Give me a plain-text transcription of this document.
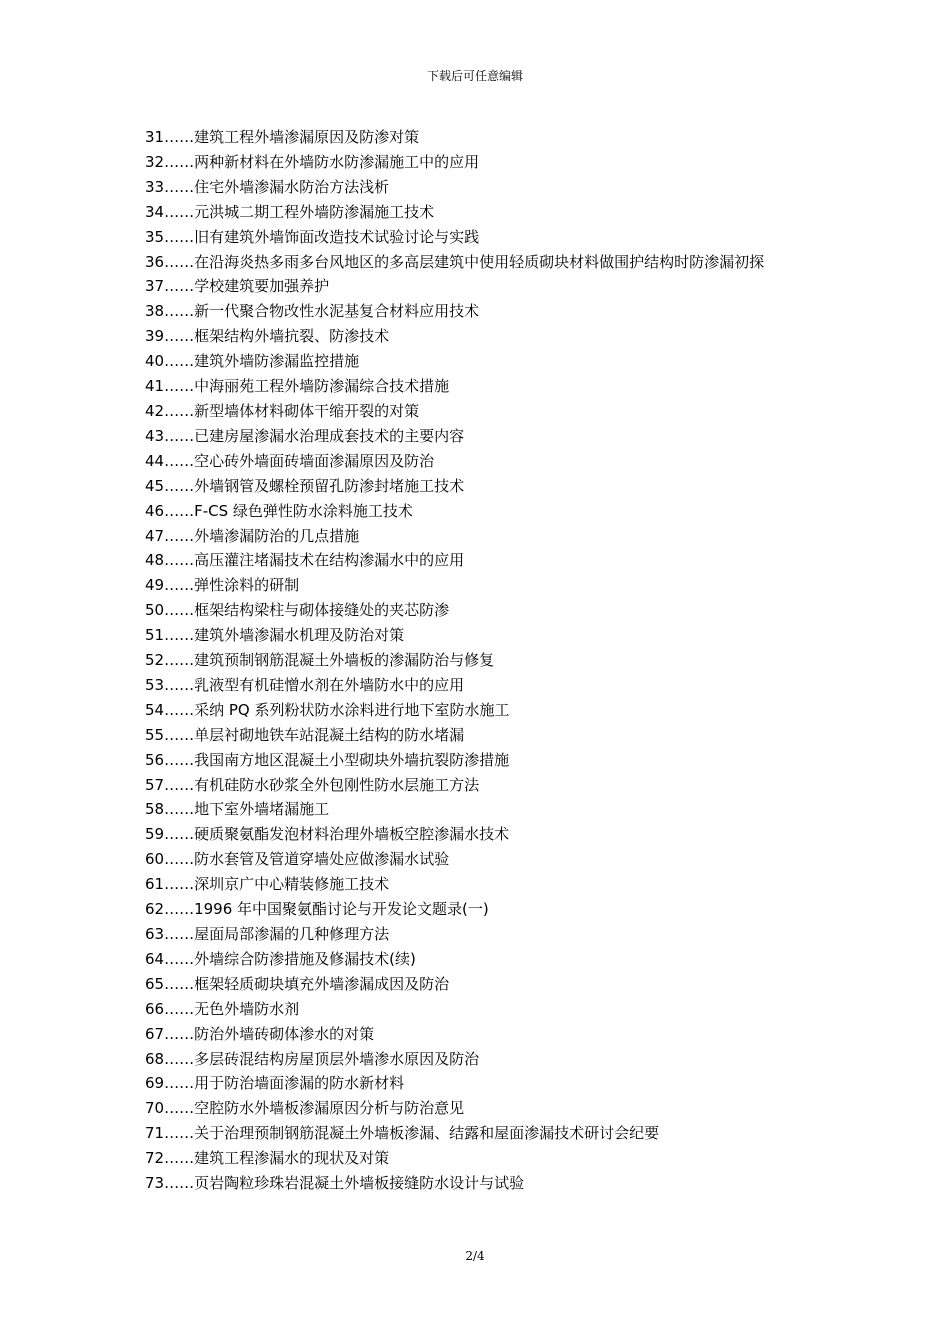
下载后可任意编辑
31……建筑工程外墙渗漏原因及防渗对策
32……两种新材料在外墙防水防渗漏施工中的应用
33……住宅外墙渗漏水防治方法浅析
34……元洪城二期工程外墙防渗漏施工技术
35……旧有建筑外墙饰面改造技术试验讨论与实践
36……在沿海炎热多雨多台风地区的多高层建筑中使用轻质砌块材料做围护结构时防渗漏初探
37……学校建筑要加强养护
38……新一代聚合物改性水泥基复合材料应用技术
39……框架结构外墙抗裂、防渗技术
40……建筑外墙防渗漏监控措施
41……中海丽苑工程外墙防渗漏综合技术措施
42……新型墙体材料砌体干缩开裂的对策
43……已建房屋渗漏水治理成套技术的主要内容
44……空心砖外墙面砖墙面渗漏原因及防治
45……外墙钢管及螺栓预留孔防渗封堵施工技术
46……F-CS 绿色弹性防水涂料施工技术
47……外墙渗漏防治的几点措施
48……高压灌注堵漏技术在结构渗漏水中的应用
49……弹性涂料的研制
50……框架结构梁柱与砌体接缝处的夹芯防渗
51……建筑外墙渗漏水机理及防治对策
52……建筑预制钢筋混凝土外墙板的渗漏防治与修复
53……乳液型有机硅憎水剂在外墙防水中的应用
54……采纳 PQ 系列粉状防水涂料进行地下室防水施工
55……单层衬砌地铁车站混凝土结构的防水堵漏
56……我国南方地区混凝土小型砌块外墙抗裂防渗措施
57……有机硅防水砂浆全外包刚性防水层施工方法
58……地下室外墙堵漏施工
59……硬质聚氨酯发泡材料治理外墙板空腔渗漏水技术
60……防水套管及管道穿墙处应做渗漏水试验
61……深圳京广中心精装修施工技术
62……1996 年中国聚氨酯讨论与开发论文题录(一)
63……屋面局部渗漏的几种修理方法
64……外墙综合防渗措施及修漏技术(续)
65……框架轻质砌块填充外墙渗漏成因及防治
66……无色外墙防水剂
67……防治外墙砖砌体渗水的对策
68……多层砖混结构房屋顶层外墙渗水原因及防治
69……用于防治墙面渗漏的防水新材料
70……空腔防水外墙板渗漏原因分析与防治意见
71……关于治理预制钢筋混凝土外墙板渗漏、结露和屋面渗漏技术研讨会纪要
72……建筑工程渗漏水的现状及对策
73……页岩陶粒珍珠岩混凝土外墙板接缝防水设计与试验
2/4
